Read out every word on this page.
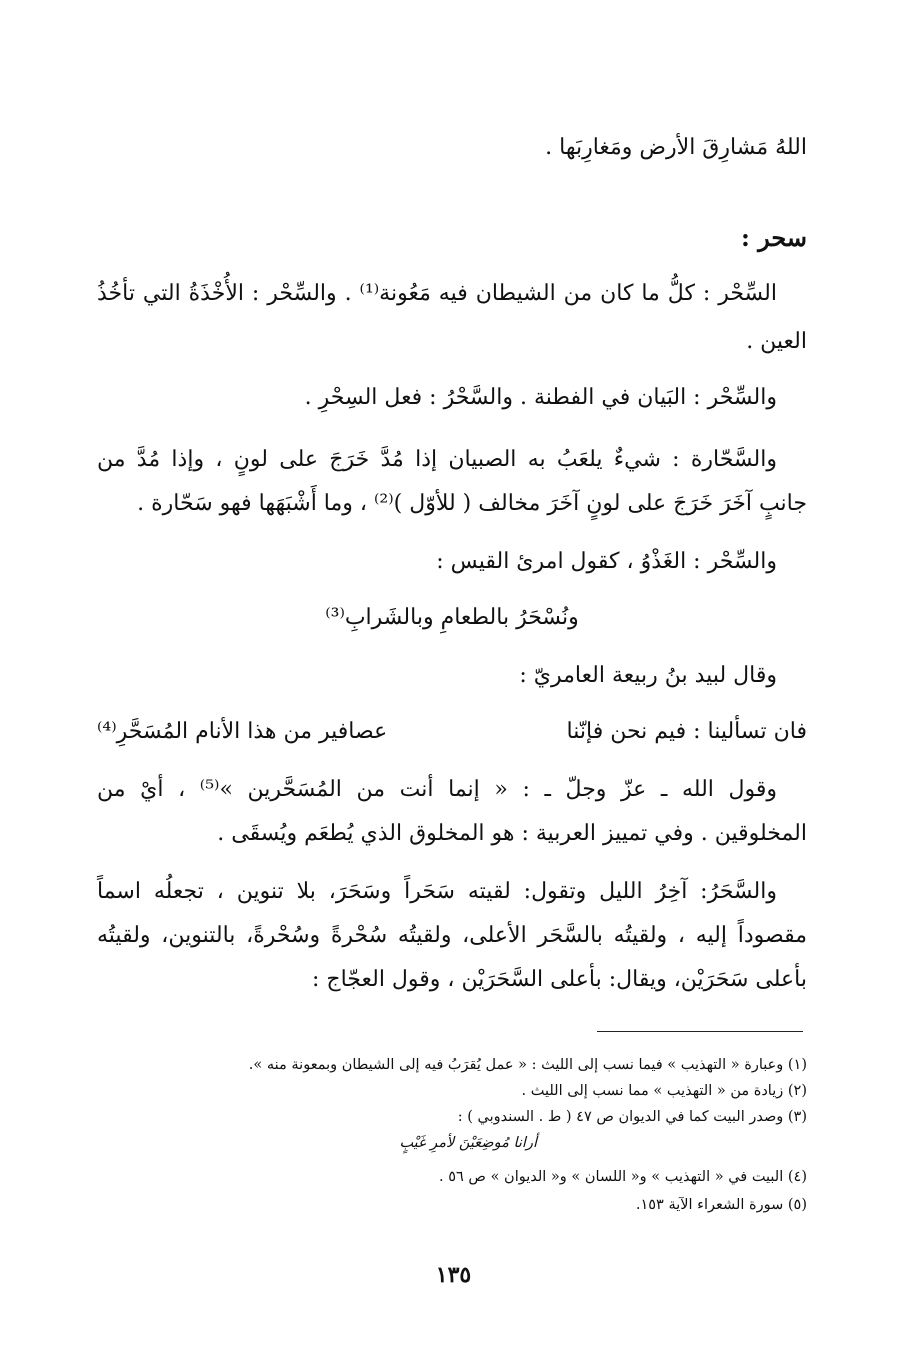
اللهُ مَشارِقَ الأرض ومَغارِبَها .
سحر :
السِّحْر : كلُّ ما كان من الشيطان فيه مَعُونة⁽¹⁾ . والسِّحْر : الأُخْذَةُ التي تأخُذُ
العين .
والسِّحْر : البَيان في الفطنة . والسَّحْرُ : فعل السِحْرِ .
والسَّحّارة : شيءٌ يلعَبُ به الصبيان إذا مُدَّ خَرَجَ على لونٍ ، وإذا مُدَّ من
جانبٍ آخَرَ خَرَجَ على لونٍ آخَرَ مخالف ( للأوّل )⁽²⁾ ، وما أَشْبَهَها فهو سَحّارة .
والسِّحْر : الغَذْوُ ، كقول امرئ القيس :
ونُسْحَرُ بالطعامِ وبالشَرابِ⁽³⁾
وقال لبيد بنُ ربيعة العامريّ :
فان تسألينا : فيم نحن فإنّنا
عصافير من هذا الأنام المُسَحَّرِ⁽⁴⁾
وقول الله ـ عزّ وجلّ ـ : « إنما أنت من المُسَحَّرين »⁽⁵⁾ ، أيْ من
المخلوقين . وفي تمييز العربية : هو المخلوق الذي يُطعَم ويُسقَى .
والسَّحَرُ: آخِرُ الليل وتقول: لقيته سَحَراً وسَحَرَ، بلا تنوين ، تجعلُه اسماً
مقصوداً إليه ، ولقيتُه بالسَّحَر الأعلى، ولقيتُه سُحْرةً وسُحْرةً، بالتنوين، ولقيتُه
بأعلى سَحَرَيْن، ويقال: بأعلى السَّحَرَيْن ، وقول العجّاج :
(١) وعبارة « التهذيب » فيما نسب إلى الليث : « عمل يُقرَبُ فيه إلى الشيطان وبمعونة منه ».
(٢) زيادة من « التهذيب » مما نسب إلى الليث .
(٣) وصدر البيت كما في الديوان ص ٤٧ ( ط . السندوبي ) :
أرانا مُوضِعَيْنَ لأمرِ غَيْبٍ
(٤) البيت في « التهذيب » و« اللسان » و« الديوان » ص ٥٦ .
(٥) سورة الشعراء الآية ١٥٣.
١٣٥
